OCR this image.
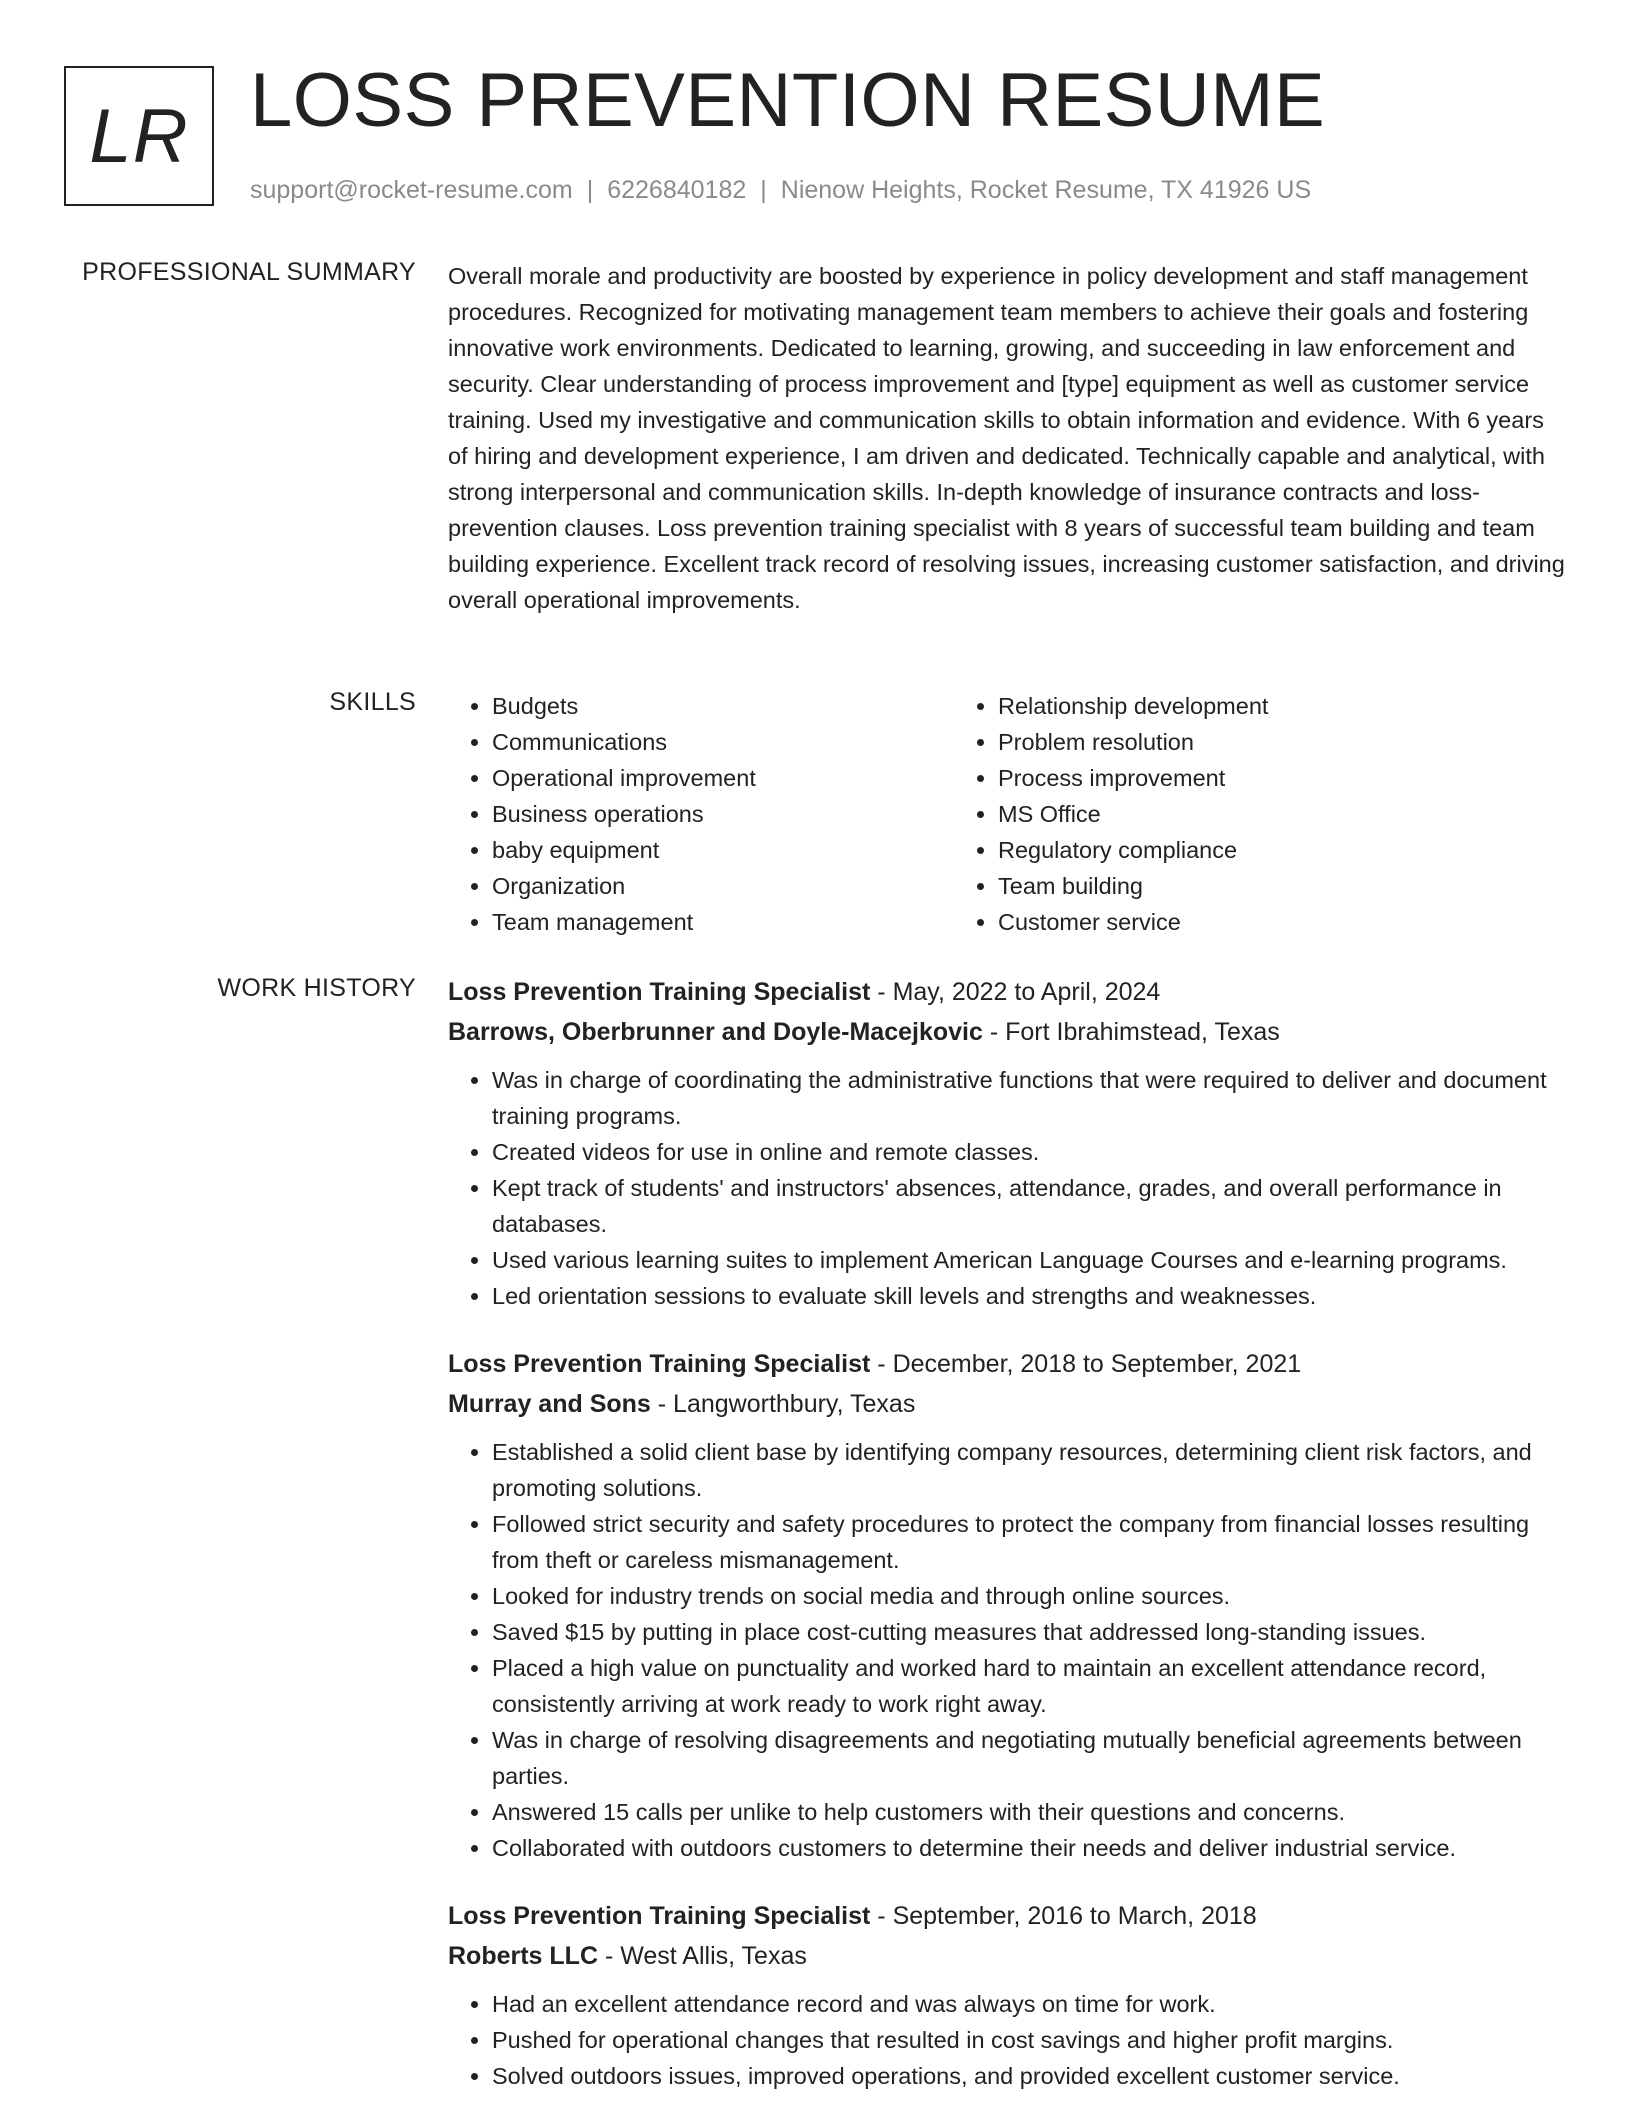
LR LOSS PREVENTION RESUME
support@rocket-resume.com | 6226840182 | Nienow Heights, Rocket Resume, TX 41926 US
PROFESSIONAL SUMMARY Overall morale and productivity are boosted by experience in policy development and staff management procedures. Recognized for motivating management team members to achieve their goals and fostering innovative work environments. Dedicated to learning, growing, and succeeding in law enforcement and security. Clear understanding of process improvement and [type] equipment as well as customer service training. Used my investigative and communication skills to obtain information and evidence. With 6 years of hiring and development experience, I am driven and dedicated. Technically capable and analytical, with strong interpersonal and communication skills. In-depth knowledge of insurance contracts and loss-prevention clauses. Loss prevention training specialist with 8 years of successful team building and team building experience. Excellent track record of resolving issues, increasing customer satisfaction, and driving overall operational improvements.

SKILLS
•	Budgets
• Communications
• Operational improvement
• Business operations
• baby equipment
• Organization
• Team management
• Relationship development
• Problem resolution
• Process improvement
• MS Office
• Regulatory compliance
• Team building
• Customer service
WORK HISTORY Loss Prevention Training Specialist - May, 2022 to April, 2024
Barrows, Oberbrunner and Doyle-Macejkovic - Fort Ibrahimstead, Texas
• Was in charge of coordinating the administrative functions that were required to deliver and document training programs.
• Created videos for use in online and remote classes.
• Kept track of students' and instructors' absences, attendance, grades, and overall performance in databases.
• Used various learning suites to implement American Language Courses and e-learning programs.
• Led orientation sessions to evaluate skill levels and strengths and weaknesses.
Loss Prevention Training Specialist - December, 2018 to September, 2021
Murray and Sons - Langworthbury, Texas
• Established a solid client base by identifying company resources, determining client risk factors, and promoting solutions.
• Followed strict security and safety procedures to protect the company from financial losses resulting from theft or careless mismanagement.
• Looked for industry trends on social media and through online sources.
• Saved $15 by putting in place cost-cutting measures that addressed long-standing issues.
• Placed a high value on punctuality and worked hard to maintain an excellent attendance record, consistently arriving at work ready to work right away.
• Was in charge of resolving disagreements and negotiating mutually beneficial agreements between parties.
• Answered 15 calls per unlike to help customers with their questions and concerns.
• Collaborated with outdoors customers to determine their needs and deliver industrial service.
Loss Prevention Training Specialist - September, 2016 to March, 2018
Roberts LLC - West Allis, Texas
• Had an excellent attendance record and was always on time for work.
• Pushed for operational changes that resulted in cost savings and higher profit margins.
• Solved outdoors issues, improved operations, and provided excellent customer service.
